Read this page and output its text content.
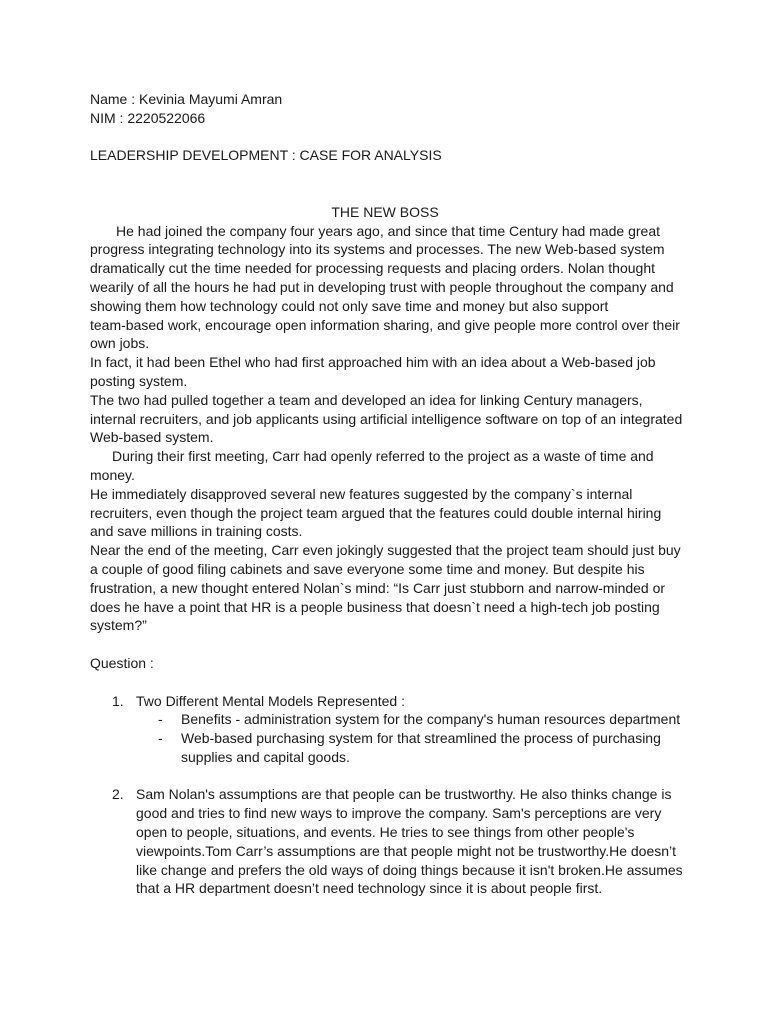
Name : Kevinia Mayumi Amran
NIM : 2220522066
LEADERSHIP DEVELOPMENT : CASE FOR ANALYSIS
THE NEW BOSS
He had joined the company four years ago, and since that time Century had made great
progress integrating technology into its systems and processes. The new Web-based system
dramatically cut the time needed for processing requests and placing orders. Nolan thought
wearily of all the hours he had put in developing trust with people throughout the company and
showing them how technology could not only save time and money but also support
team-based work, encourage open information sharing, and give people more control over their
own jobs.
In fact, it had been Ethel who had first approached him with an idea about a Web-based job
posting system.
The two had pulled together a team and developed an idea for linking Century managers,
internal recruiters, and job applicants using artificial intelligence software on top of an integrated
Web-based system.
During their first meeting, Carr had openly referred to the project as a waste of time and
money.
He immediately disapproved several new features suggested by the company`s internal
recruiters, even though the project team argued that the features could double internal hiring
and save millions in training costs.
Near the end of the meeting, Carr even jokingly suggested that the project team should just buy
a couple of good filing cabinets and save everyone some time and money. But despite his
frustration, a new thought entered Nolan`s mind: “Is Carr just stubborn and narrow-minded or
does he have a point that HR is a people business that doesn`t need a high-tech job posting
system?”
Question :
1. Two Different Mental Models Represented :
- Benefits - administration system for the company's human resources department
- Web-based purchasing system for that streamlined the process of purchasing
supplies and capital goods.
2. Sam Nolan's assumptions are that people can be trustworthy. He also thinks change is
good and tries to find new ways to improve the company. Sam's perceptions are very
open to people, situations, and events. He tries to see things from other people's
viewpoints.Tom Carr’s assumptions are that people might not be trustworthy.He doesn’t
like change and prefers the old ways of doing things because it isn't broken.He assumes
that a HR department doesn’t need technology since it is about people first.
